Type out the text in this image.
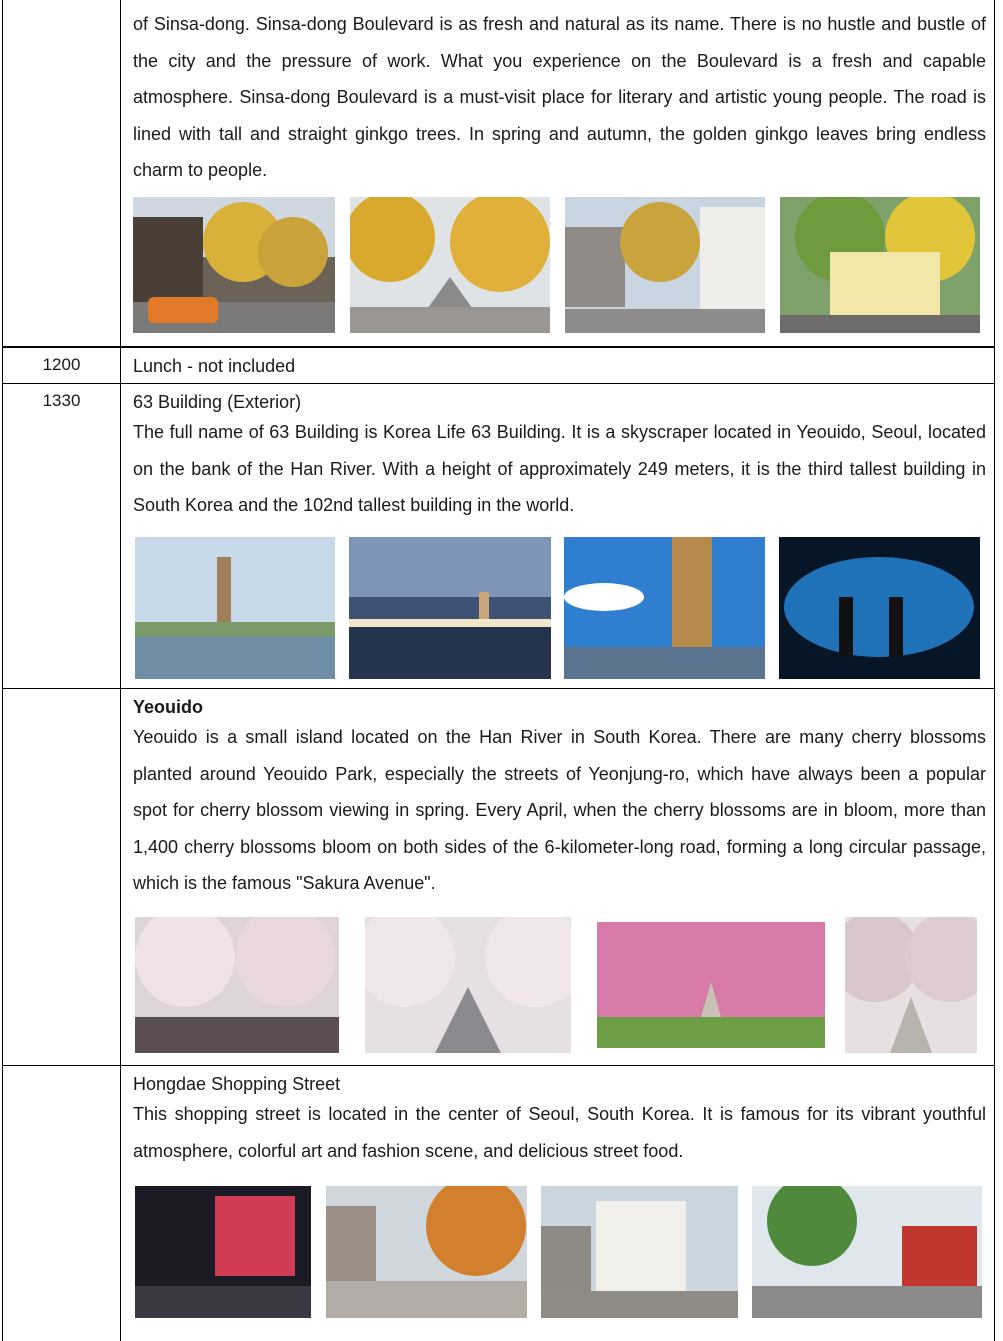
of Sinsa-dong. Sinsa-dong Boulevard is as fresh and natural as its name. There is no hustle and bustle of the city and the pressure of work. What you experience on the Boulevard is a fresh and capable atmosphere. Sinsa-dong Boulevard is a must-visit place for literary and artistic young people. The road is lined with tall and straight ginkgo trees. In spring and autumn, the golden ginkgo leaves bring endless charm to people.

1200	Lunch - not included
1330	63 Building (Exterior)

The full name of 63 Building is Korea Life 63 Building. It is a skyscraper located in Yeouido, Seoul, located on the bank of the Han River. With a height of approximately 249 meters, it is the third tallest building in South Korea and the 102nd tallest building in the world.

Yeouido

Yeouido is a small island located on the Han River in South Korea. There are many cherry blossoms planted around Yeouido Park, especially the streets of Yeonjung-ro, which have always been a popular spot for cherry blossom viewing in spring. Every April, when the cherry blossoms are in bloom, more than 1,400 cherry blossoms bloom on both sides of the 6-kilometer-long road, forming a long circular passage, which is the famous "Sakura Avenue".

Hongdae Shopping Street

This shopping street is located in the center of Seoul, South Korea. It is famous for its vibrant youthful atmosphere, colorful art and fashion scene, and delicious street food.
